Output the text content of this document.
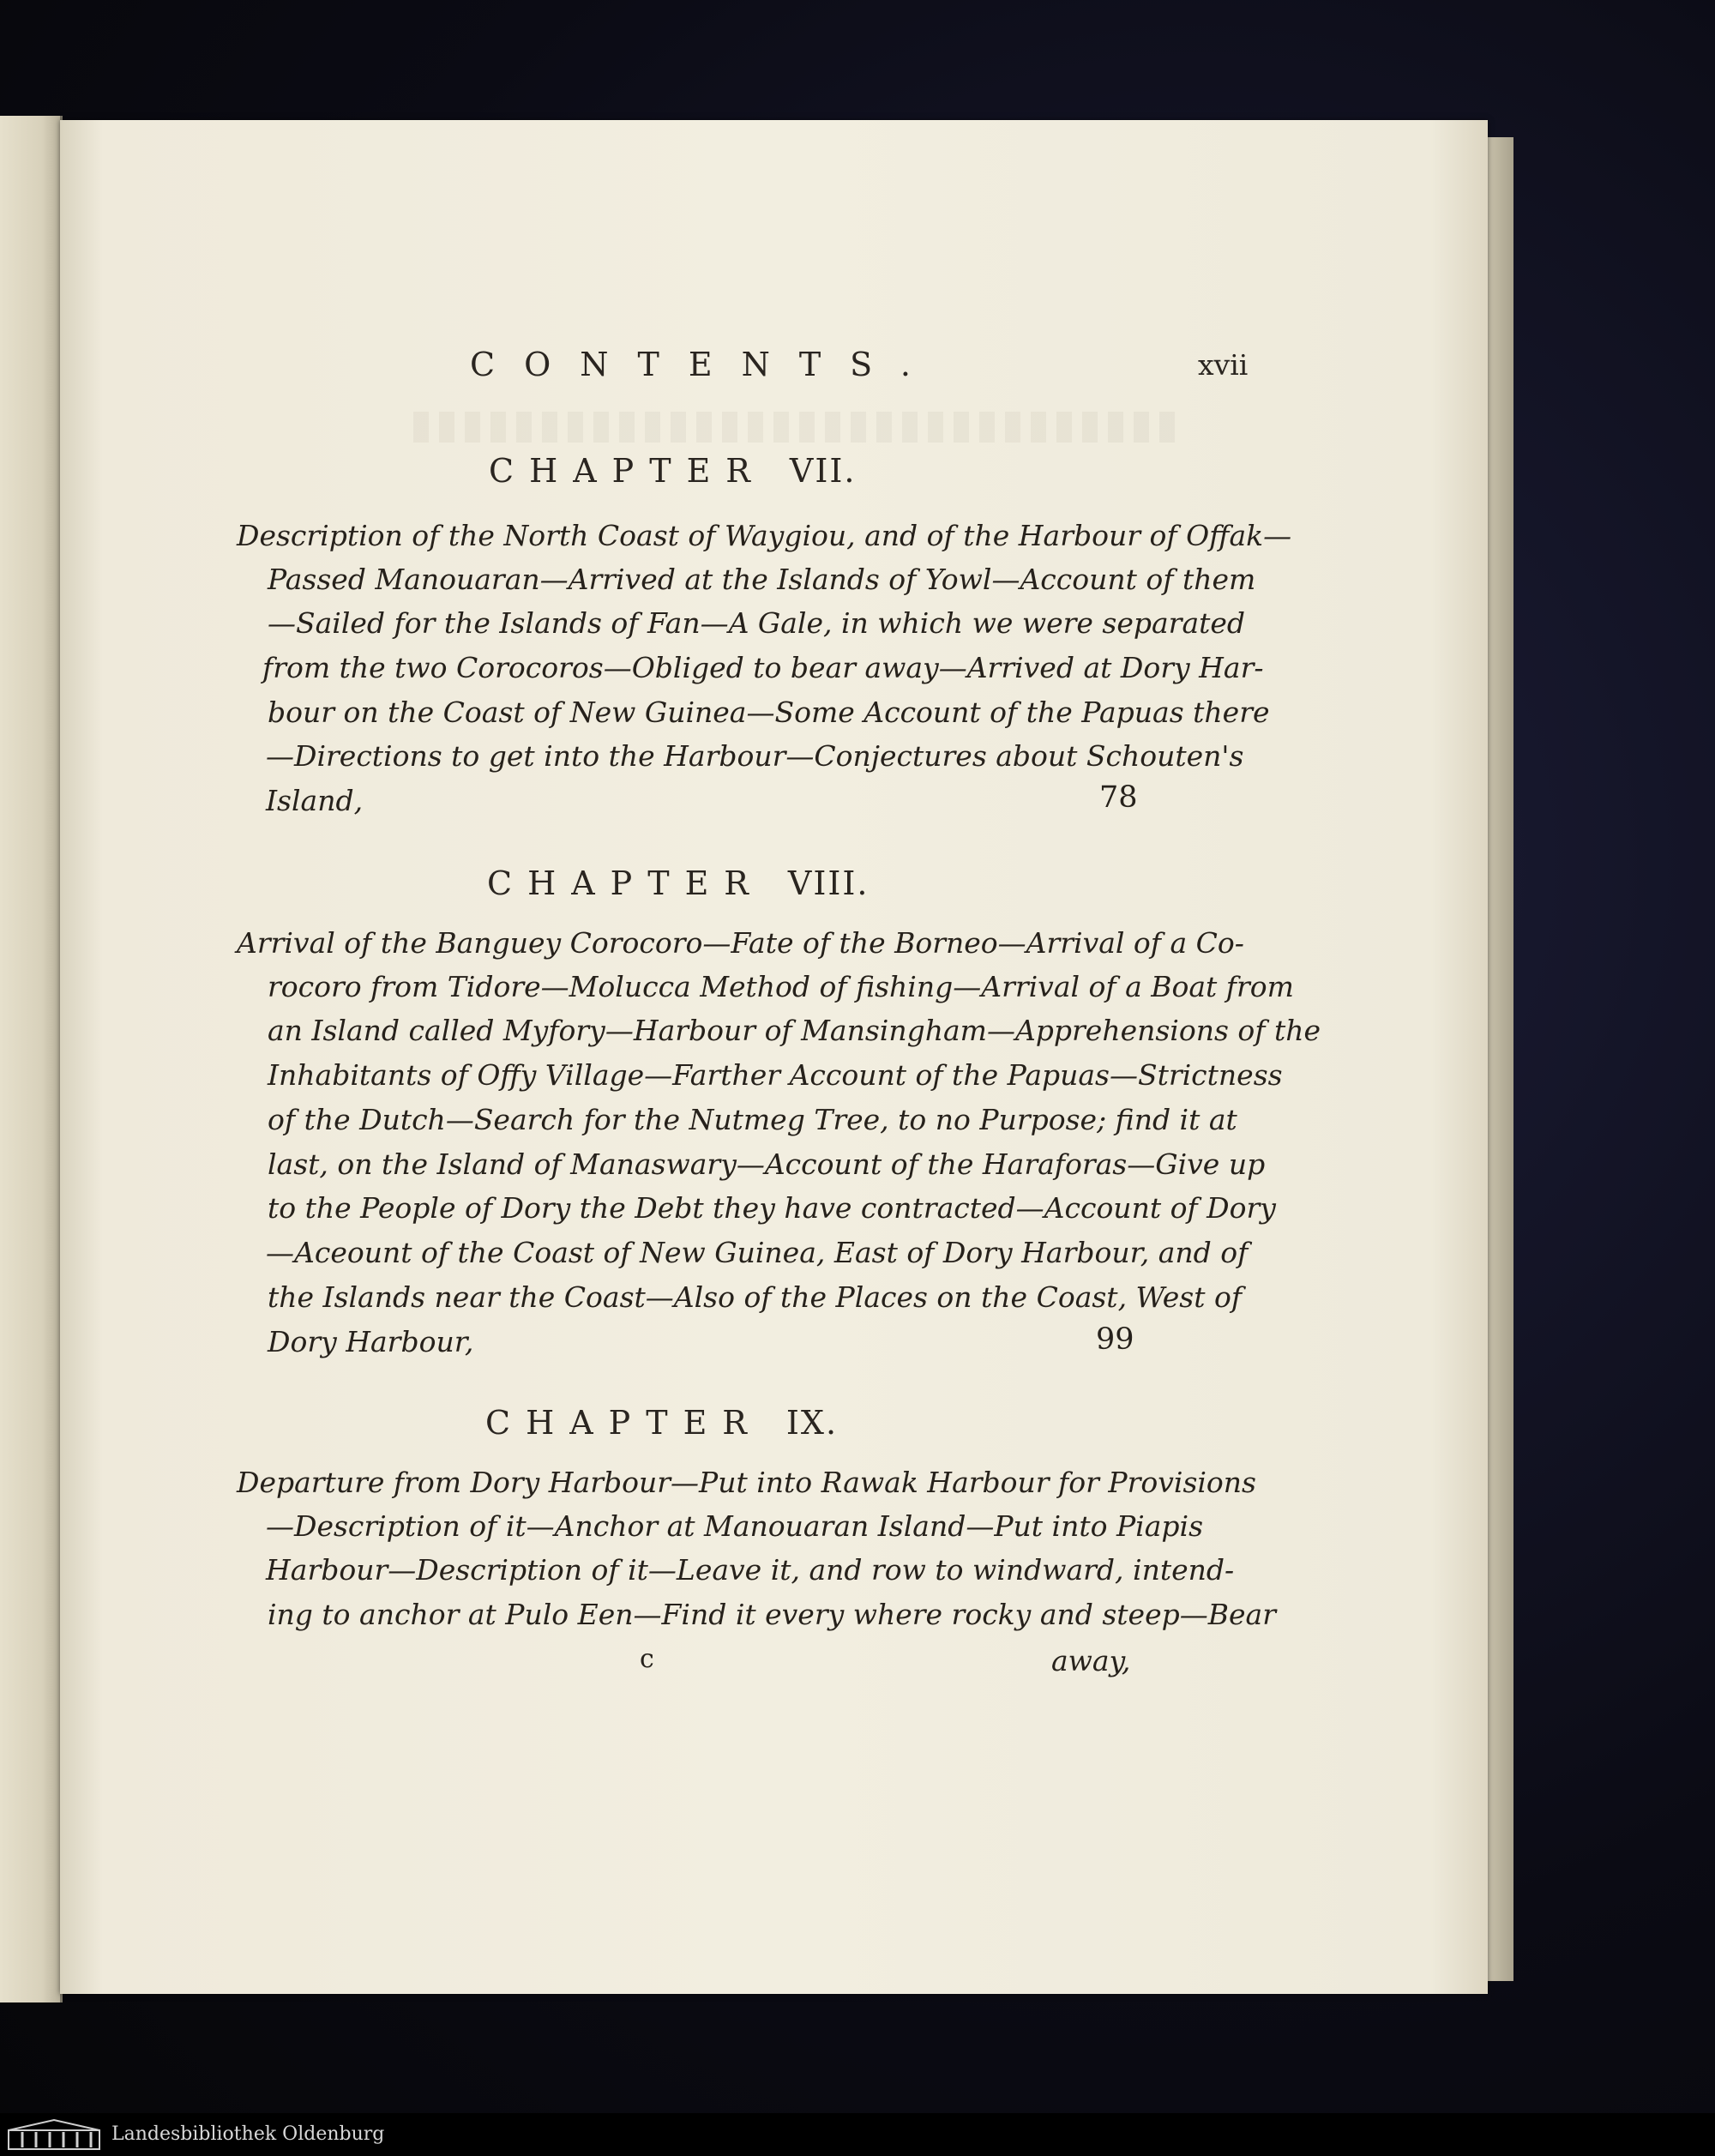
CONTENTS.	xvii
CHAPTER VII.
Description of the North Coast of Waygiou, and of the Harbour of Offak—
Passed Manouaran—Arrived at the Islands of Yowl—Account of them
—Sailed for the Islands of Fan—A Gale, in which we were separated
from the two Corocoros—Obliged to bear away—Arrived at Dory Har-
bour on the Coast of New Guinea—Some Account of the Papuas there
—Directions to get into the Harbour—Conjectures about Schouten's
Island,	78
CHAPTER VIII.
Arrival of the Banguey Corocoro—Fate of the Borneo—Arrival of a Co-
rocoro from Tidore—Molucca Method of fishing—Arrival of a Boat from
an Island called Myfory—Harbour of Mansingham—Apprehensions of the
Inhabitants of Offy Village—Farther Account of the Papuas—Strictness
of the Dutch—Search for the Nutmeg Tree, to no Purpose; find it at
last, on the Island of Manaswary—Account of the Haraforas—Give up
to the People of Dory the Debt they have contracted—Account of Dory
—Aceount of the Coast of New Guinea, East of Dory Harbour, and of
the Islands near the Coast—Also of the Places on the Coast, West of
Dory Harbour,	99
CHAPTER IX.
Departure from Dory Harbour—Put into Rawak Harbour for Provisions
—Description of it—Anchor at Manouaran Island—Put into Piapis
Harbour—Description of it—Leave it, and row to windward, intend-
ing to anchor at Pulo Een—Find it every where rocky and steep—Bear
c	away,
Landesbibliothek Oldenburg
